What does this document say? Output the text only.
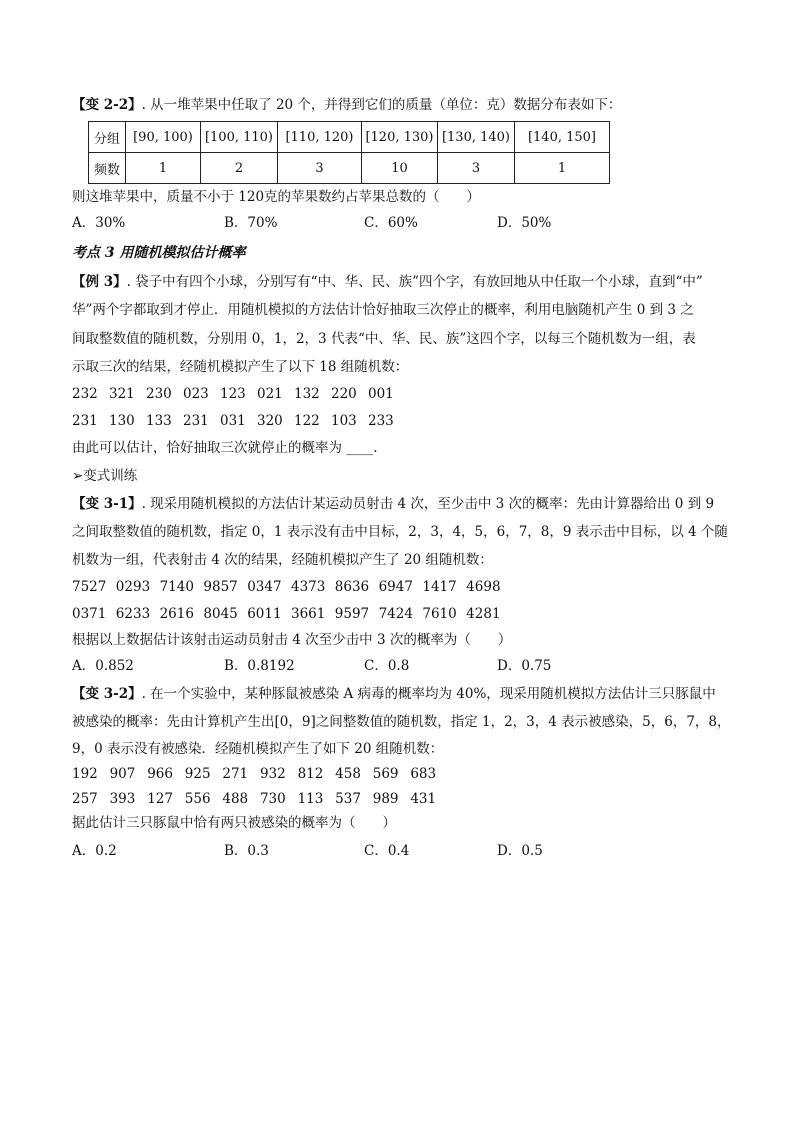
【变 2-2】. 从一堆苹果中任取了 20 个，并得到它们的质量（单位：克）数据分布表如下：
分组	[90, 100)	[100, 110)	[110, 120)	[120, 130)	[130, 140)	[140, 150]
频数	1	2	3	10	3	1
则这堆苹果中，质量不小于 120克的苹果数约占苹果总数的（　　）
A．30%	B．70%	C．60%	D．50%
考点 3 用随机模拟估计概率
【例 3】. 袋子中有四个小球，分别写有“中、华、民、族”四个字，有放回地从中任取一个小球，直到“中”
华”两个字都取到才停止．用随机模拟的方法估计恰好抽取三次停止的概率，利用电脑随机产生 0 到 3 之
间取整数值的随机数，分别用 0，1，2，3 代表“中、华、民、族”这四个字，以每三个随机数为一组，表
示取三次的结果，经随机模拟产生了以下 18 组随机数：
232 321 230 023 123 021 132 220 001
231 130 133 231 031 320 122 103 233
由此可以估计，恰好抽取三次就停止的概率为 ____.
➢变式训练
【变 3-1】. 现采用随机模拟的方法估计某运动员射击 4 次，至少击中 3 次的概率：先由计算器给出 0 到 9
之间取整数值的随机数，指定 0，1 表示没有击中目标，2，3，4，5，6，7，8，9 表示击中目标，以 4 个随
机数为一组，代表射击 4 次的结果，经随机模拟产生了 20 组随机数：
7527 0293 7140 9857 0347 4373 8636 6947 1417 4698
0371 6233 2616 8045 6011 3661 9597 7424 7610 4281
根据以上数据估计该射击运动员射击 4 次至少击中 3 次的概率为（　　）
A．0.852	B．0.8192	C．0.8	D．0.75
【变 3-2】. 在一个实验中，某种豚鼠被感染 A 病毒的概率均为 40%，现采用随机模拟方法估计三只豚鼠中
被感染的概率：先由计算机产生出[0，9]之间整数值的随机数，指定 1，2，3，4 表示被感染，5，6，7，8，
9，0 表示没有被感染．经随机模拟产生了如下 20 组随机数：
192 907 966 925 271 932 812 458 569 683
257 393 127 556 488 730 113 537 989 431
据此估计三只豚鼠中恰有两只被感染的概率为（　　）
A．0.2	B．0.3	C．0.4	D．0.5
